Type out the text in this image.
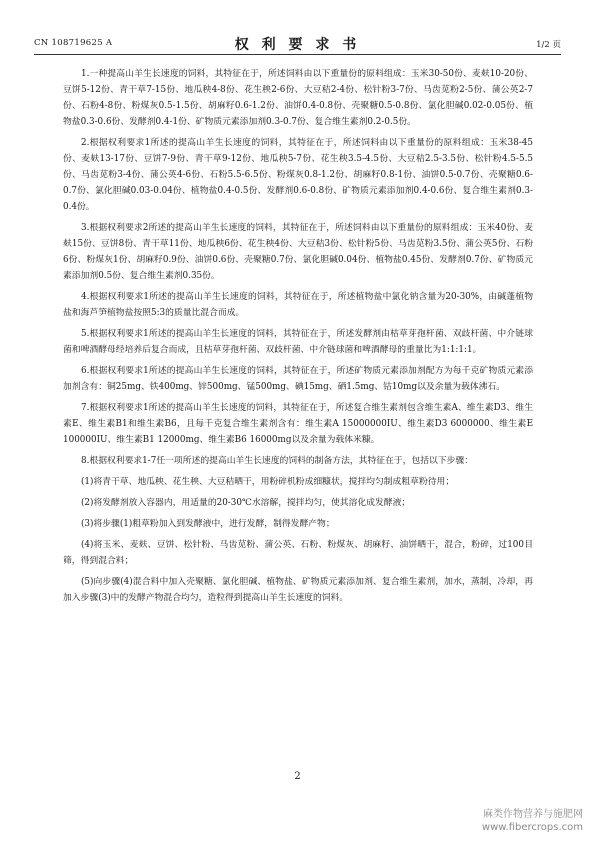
CN 108719625 A	权 利 要 求 书	1/2 页

1.一种提高山羊生长速度的饲料，其特征在于，所述饲料由以下重量份的原料组成：玉米30-50份、麦麸10-20份、豆饼5-12份、青干草7-15份、地瓜秧4-8份、花生秧2-6份、大豆秸2-4份、松针粉3-7份、马齿苋粉2-5份、蒲公英2-7份、石粉4-8份、粉煤灰0.5-1.5份、胡麻籽0.6-1.2份、油饼0.4-0.8份、壳聚糖0.5-0.8份、氯化胆碱0.02-0.05份、植物盐0.3-0.6份、发酵剂0.4-1份、矿物质元素添加剂0.3-0.7份、复合维生素剂0.2-0.5份。

2.根据权利要求1所述的提高山羊生长速度的饲料，其特征在于，所述饲料由以下重量份的原料组成：玉米38-45份、麦麸13-17份、豆饼7-9份、青干草9-12份、地瓜秧5-7份、花生秧3.5-4.5份、大豆秸2.5-3.5份、松针粉4.5-5.5份、马齿苋粉3-4份、蒲公英4-6份、石粉5.5-6.5份、粉煤灰0.8-1.2份、胡麻籽0.8-1份、油饼0.5-0.7份、壳聚糖0.6-0.7份、氯化胆碱0.03-0.04份、植物盐0.4-0.5份、发酵剂0.6-0.8份、矿物质元素添加剂0.4-0.6份、复合维生素剂0.3-0.4份。

3.根据权利要求2所述的提高山羊生长速度的饲料，其特征在于，所述饲料由以下重量份的原料组成：玉米40份、麦麸15份、豆饼8份、青干草11份、地瓜秧6份、花生秧4份、大豆秸3份、松针粉5份、马齿苋粉3.5份、蒲公英5份、石粉6份、粉煤灰1份、胡麻籽0.9份、油饼0.6份、壳聚糖0.7份、氯化胆碱0.04份、植物盐0.45份、发酵剂0.7份、矿物质元素添加剂0.5份、复合维生素剂0.35份。

4.根据权利要求1所述的提高山羊生长速度的饲料，其特征在于，所述植物盐中氯化钠含量为20-30%，由碱蓬植物盐和海芦笋植物盐按照5:3的质量比混合而成。

5.根据权利要求1所述的提高山羊生长速度的饲料，其特征在于，所述发酵剂由枯草芽孢杆菌、双歧杆菌、中介链球菌和啤酒酵母经培养后复合而成，且枯草芽孢杆菌、双歧杆菌、中介链球菌和啤酒酵母的重量比为1:1:1:1。

6.根据权利要求1所述的提高山羊生长速度的饲料，其特征在于，所述矿物质元素添加剂配方为每千克矿物质元素添加剂含有：铜25mg、铁400mg、锌500mg、锰500mg、碘15mg、硒1.5mg、钴10mg以及余量为载体沸石。

7.根据权利要求1所述的提高山羊生长速度的饲料，其特征在于，所述复合维生素剂包含维生素A、维生素D3、维生素E、维生素B1和维生素B6，且每千克复合维生素剂含有：维生素A 15000000IU、维生素D3 6000000、维生素E 100000IU、维生素B1 12000mg、维生素B6 16000mg以及余量为载体米糠。

8.根据权利要求1-7任一项所述的提高山羊生长速度的饲料的制备方法，其特征在于，包括以下步骤：

(1)将青干草、地瓜秧、花生秧、大豆秸晒干，用粉碎机粉成细糠状，搅拌均匀制成粗草粉待用；

(2)将发酵剂放入容器内，用适量的20-30℃水溶解，搅拌均匀，使其溶化成发酵液；

(3)将步骤(1)粗草粉加入到发酵液中，进行发酵，制得发酵产物；

(4)将玉米、麦麸、豆饼、松针粉、马齿苋粉、蒲公英、石粉、粉煤灰、胡麻籽、油饼晒干，混合，粉碎，过100目筛，得到混合料；

(5)向步骤(4)混合料中加入壳聚糖、氯化胆碱、植物盐、矿物质元素添加剂、复合维生素剂，加水，蒸制，冷却，再加入步骤(3)中的发酵产物混合均匀，造粒得到提高山羊生长速度的饲料。

2
麻类作物营养与施肥网
www.fibercrops.com
